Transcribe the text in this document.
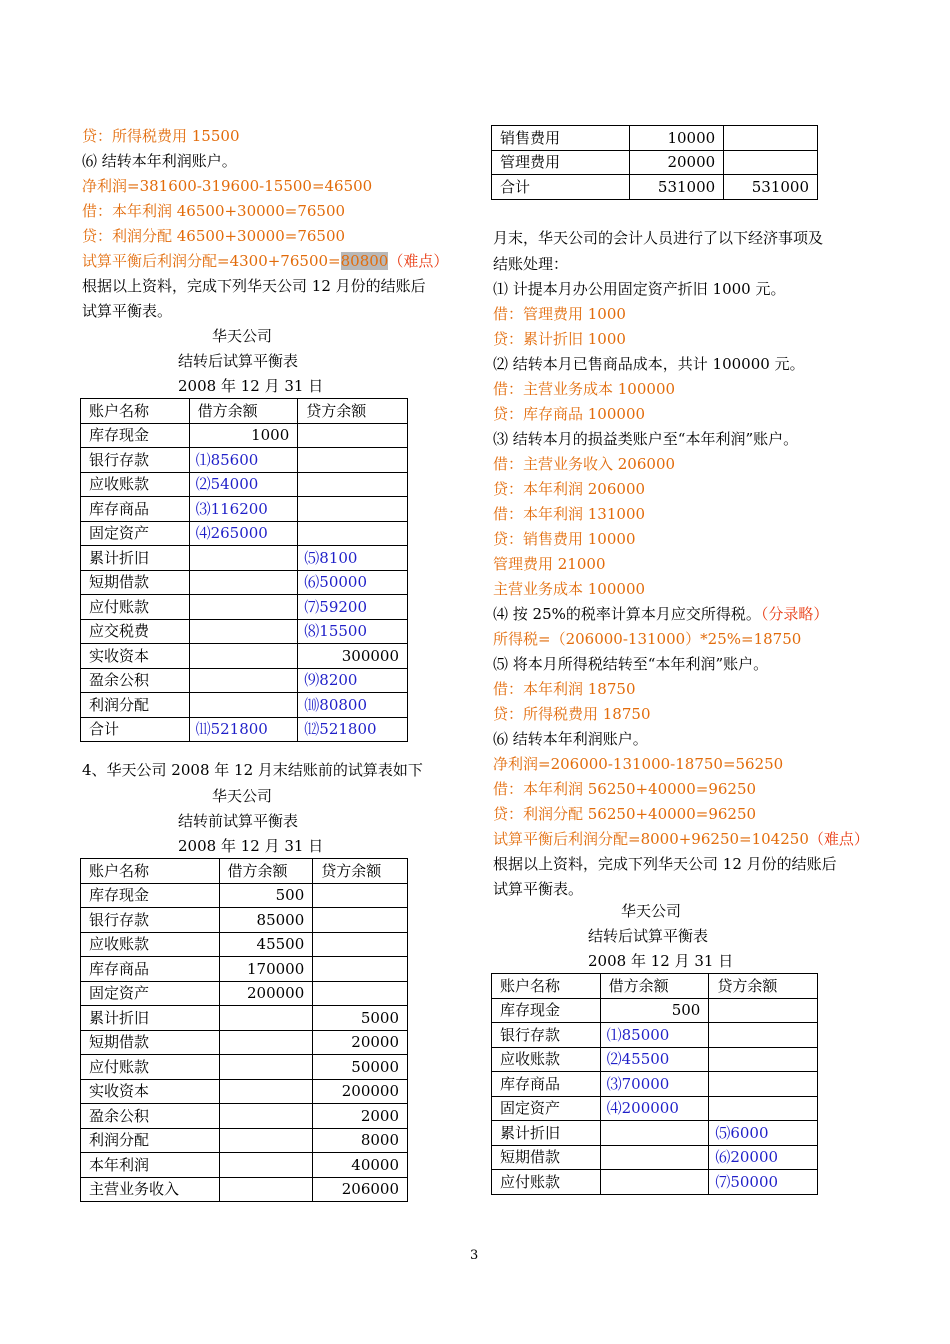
贷：所得税费用 15500
⑹ 结转本年利润账户。
净利润=381600-319600-15500=46500
借：本年利润 46500+30000=76500
贷：利润分配 46500+30000=76500
试算平衡后利润分配=4300+76500=80800（难点）
根据以上资料，完成下列华天公司 12 月份的结账后
试算平衡表。
华天公司
结转后试算平衡表
2008 年 12 月 31 日
账户名称	借方余额	贷方余额
库存现金	1000	
银行存款	⑴85600	
应收账款	⑵54000	
库存商品	⑶116200	
固定资产	⑷265000	
累计折旧		⑸8100
短期借款		⑹50000
应付账款		⑺59200
应交税费		⑻15500
实收资本		300000
盈余公积		⑼8200
利润分配		⑽80800
合计	⑾521800	⑿521800
4、华天公司 2008 年 12 月末结账前的试算表如下
华天公司
结转前试算平衡表
2008 年 12 月 31 日
账户名称	借方余额	贷方余额
库存现金	500	
银行存款	85000	
应收账款	45500	
库存商品	170000	
固定资产	200000	
累计折旧		5000
短期借款		20000
应付账款		50000
实收资本		200000
盈余公积		2000
利润分配		8000
本年利润		40000
主营业务收入		206000
销售费用	10000	
管理费用	20000	
合计	531000	531000
月末，华天公司的会计人员进行了以下经济事项及
结账处理：
⑴ 计提本月办公用固定资产折旧 1000 元。
借：管理费用 1000
贷：累计折旧 1000
⑵ 结转本月已售商品成本，共计 100000 元。
借：主营业务成本 100000
贷：库存商品 100000
⑶ 结转本月的损益类账户至“本年利润”账户。
借：主营业务收入 206000
贷：本年利润 206000
借：本年利润 131000
贷：销售费用 10000
管理费用 21000
主营业务成本 100000
所得税=（206000-131000）*25%=18750
⑸ 将本月所得税结转至“本年利润”账户。
借：本年利润 18750
贷：所得税费用 18750
⑹ 结转本年利润账户。
净利润=206000-131000-18750=56250
借：本年利润 56250+40000=96250
贷：利润分配 56250+40000=96250
根据以上资料，完成下列华天公司 12 月份的结账后
试算平衡表。
⑷ 按 25%的税率计算本月应交所得税。（分录略）
试算平衡后利润分配=8000+96250=104250（难点）
华天公司
结转后试算平衡表
2008 年 12 月 31 日
账户名称	借方余额	贷方余额
库存现金	500	
银行存款	⑴85000	
应收账款	⑵45500	
库存商品	⑶70000	
固定资产	⑷200000	
累计折旧		⑸6000
短期借款		⑹20000
应付账款		⑺50000
3
